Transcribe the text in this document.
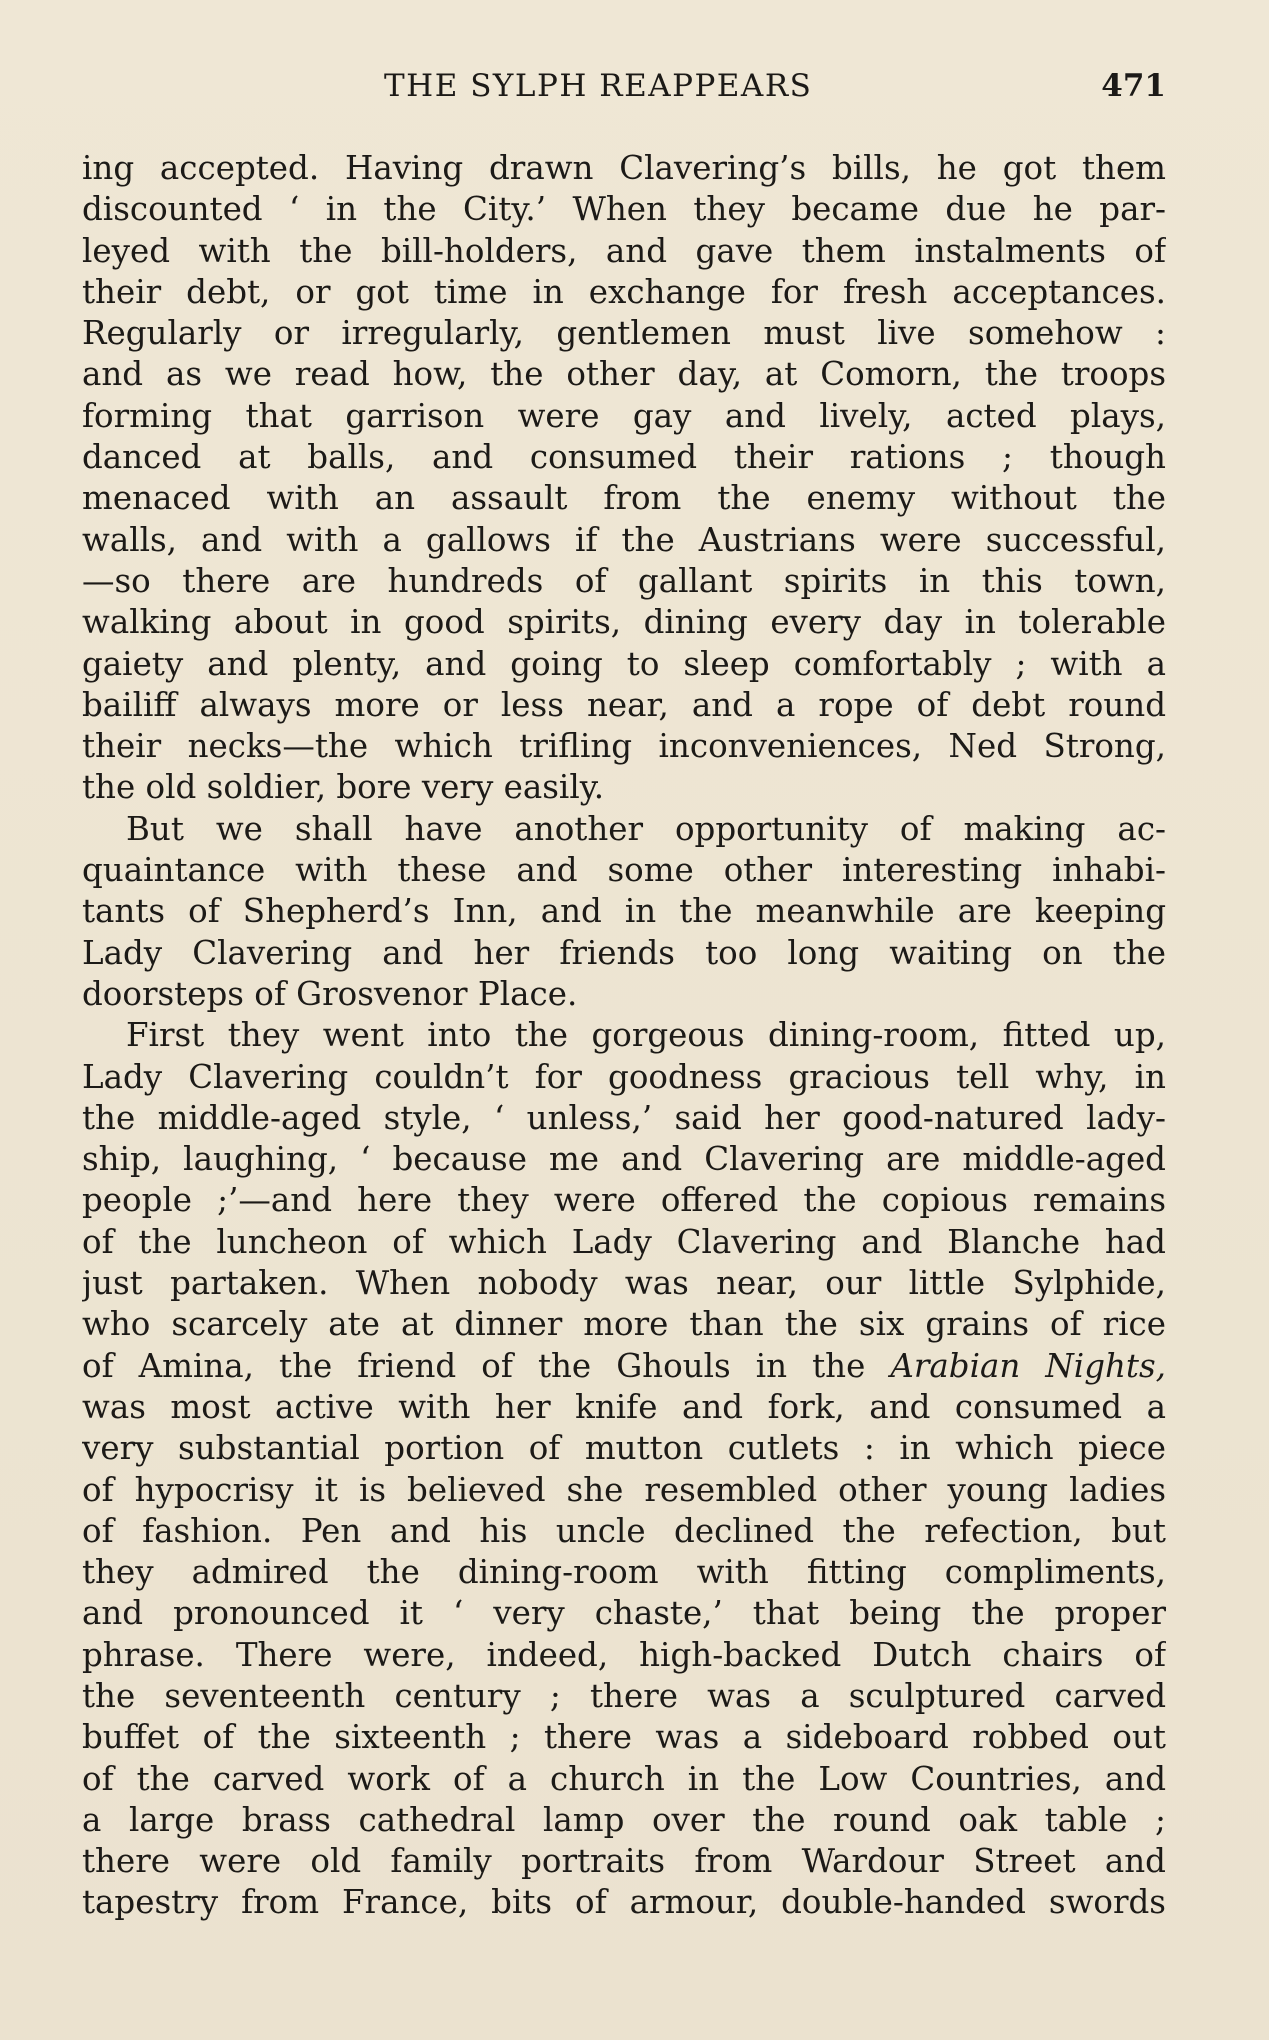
THE SYLPH REAPPEARS	471
ing accepted. Having drawn Clavering’s bills, he got them
discounted ‘ in the City.’ When they became due he par-
leyed with the bill-holders, and gave them instalments of
their debt, or got time in exchange for fresh acceptances.
Regularly or irregularly, gentlemen must live somehow :
and as we read how, the other day, at Comorn, the troops
forming that garrison were gay and lively, acted plays,
danced at balls, and consumed their rations ; though
menaced with an assault from the enemy without the
walls, and with a gallows if the Austrians were successful,
—so there are hundreds of gallant spirits in this town,
walking about in good spirits, dining every day in tolerable
gaiety and plenty, and going to sleep comfortably ; with a
bailiff always more or less near, and a rope of debt round
their necks—the which trifling inconveniences, Ned Strong,
the old soldier, bore very easily.
But we shall have another opportunity of making ac-
quaintance with these and some other interesting inhabi-
tants of Shepherd’s Inn, and in the meanwhile are keeping
Lady Clavering and her friends too long waiting on the
doorsteps of Grosvenor Place.
First they went into the gorgeous dining-room, fitted up,
Lady Clavering couldn’t for goodness gracious tell why, in
the middle-aged style, ‘ unless,’ said her good-natured lady-
ship, laughing, ‘ because me and Clavering are middle-aged
people ;’—and here they were offered the copious remains
of the luncheon of which Lady Clavering and Blanche had
just partaken. When nobody was near, our little Sylphide,
who scarcely ate at dinner more than the six grains of rice
of Amina, the friend of the Ghouls in the Arabian Nights,
was most active with her knife and fork, and consumed a
very substantial portion of mutton cutlets : in which piece
of hypocrisy it is believed she resembled other young ladies
of fashion. Pen and his uncle declined the refection, but
they admired the dining-room with fitting compliments,
and pronounced it ‘ very chaste,’ that being the proper
phrase. There were, indeed, high-backed Dutch chairs of
the seventeenth century ; there was a sculptured carved
buffet of the sixteenth ; there was a sideboard robbed out
of the carved work of a church in the Low Countries, and
a large brass cathedral lamp over the round oak table ;
there were old family portraits from Wardour Street and
tapestry from France, bits of armour, double-handed swords
